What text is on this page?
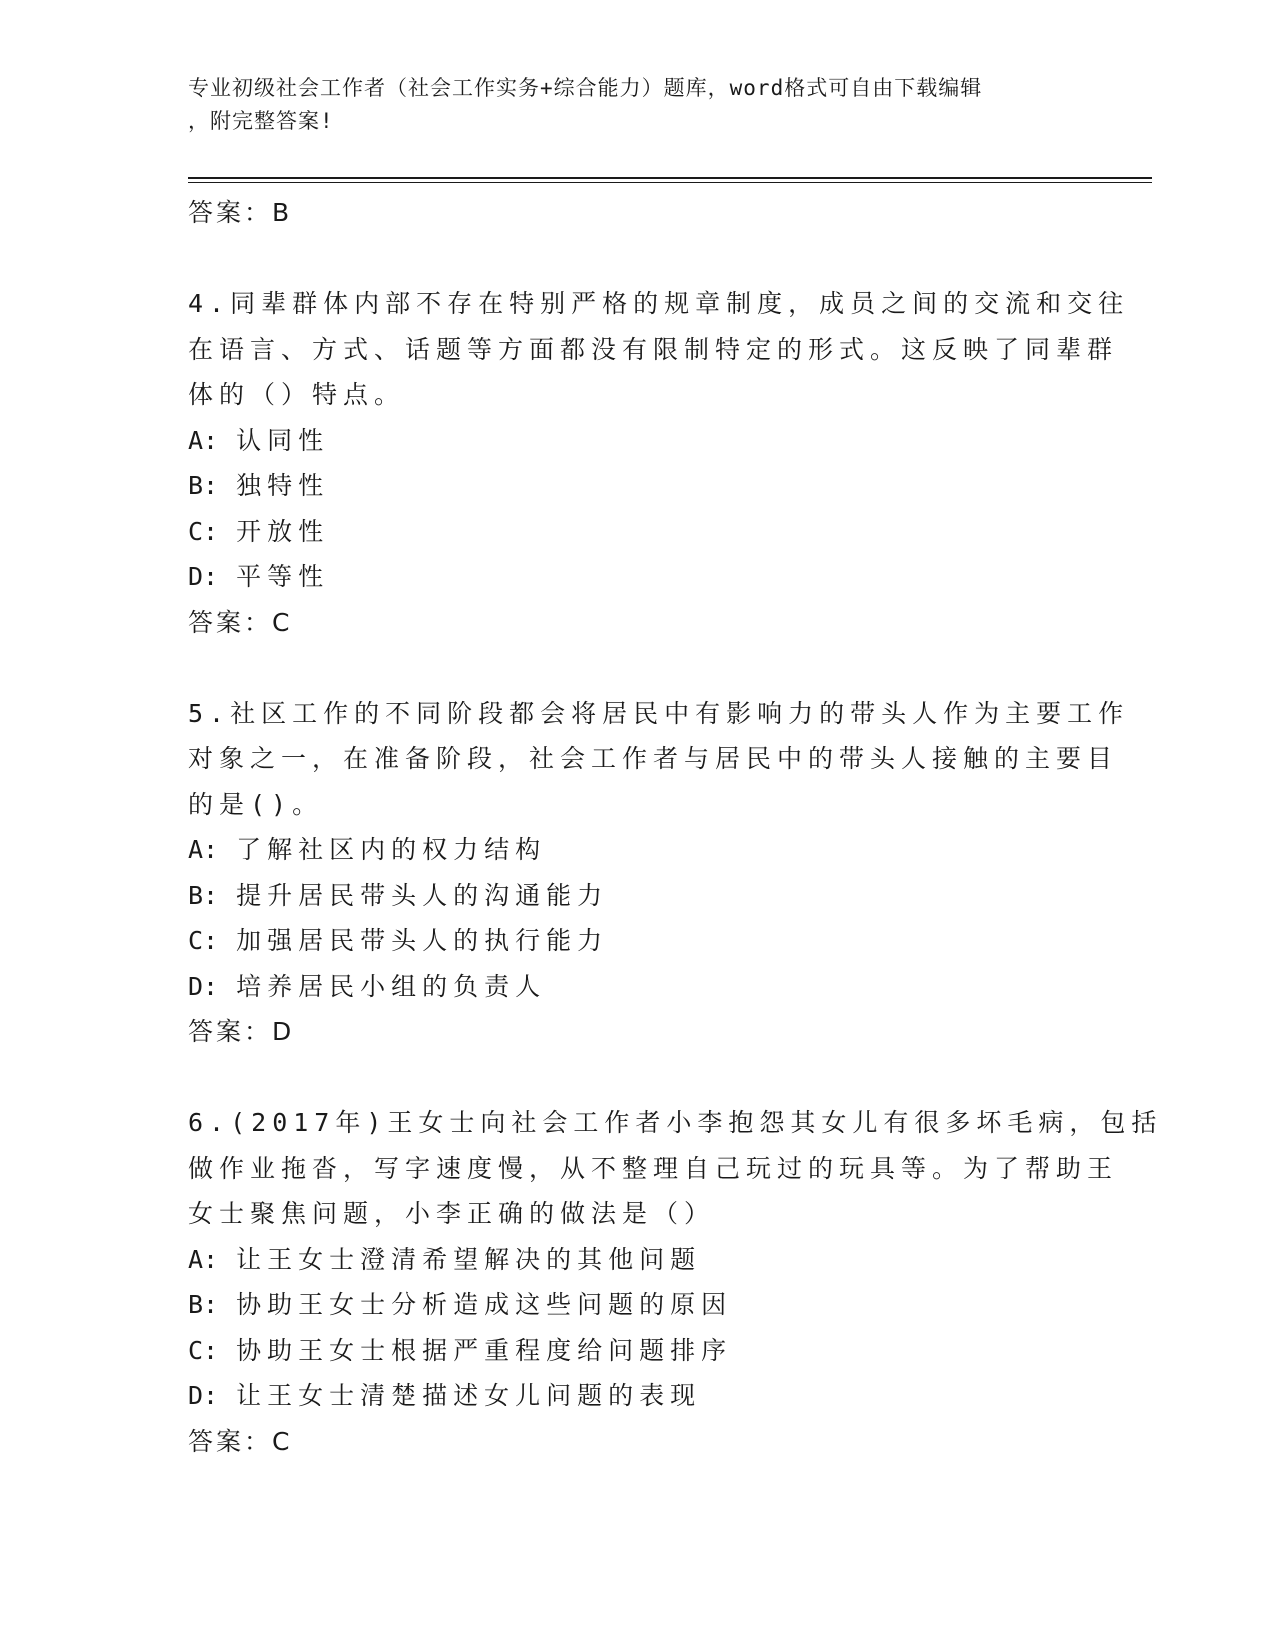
专业初级社会工作者（社会工作实务+综合能力）题库，word格式可自由下载编辑
，附完整答案!
答案：B
4.同辈群体内部不存在特别严格的规章制度，成员之间的交流和交往
在语言、方式、话题等方面都没有限制特定的形式。这反映了同辈群
体的（）特点。
A: 认同性
B: 独特性
C: 开放性
D: 平等性
答案：C
5.社区工作的不同阶段都会将居民中有影响力的带头人作为主要工作
对象之一，在准备阶段，社会工作者与居民中的带头人接触的主要目
的是()。
A: 了解社区内的权力结构
B: 提升居民带头人的沟通能力
C: 加强居民带头人的执行能力
D: 培养居民小组的负责人
答案：D
6.(2017年)王女士向社会工作者小李抱怨其女儿有很多坏毛病，包括
做作业拖沓，写字速度慢，从不整理自己玩过的玩具等。为了帮助王
女士聚焦问题，小李正确的做法是（）
A: 让王女士澄清希望解决的其他问题
B: 协助王女士分析造成这些问题的原因
C: 协助王女士根据严重程度给问题排序
D: 让王女士清楚描述女儿问题的表现
答案：C
